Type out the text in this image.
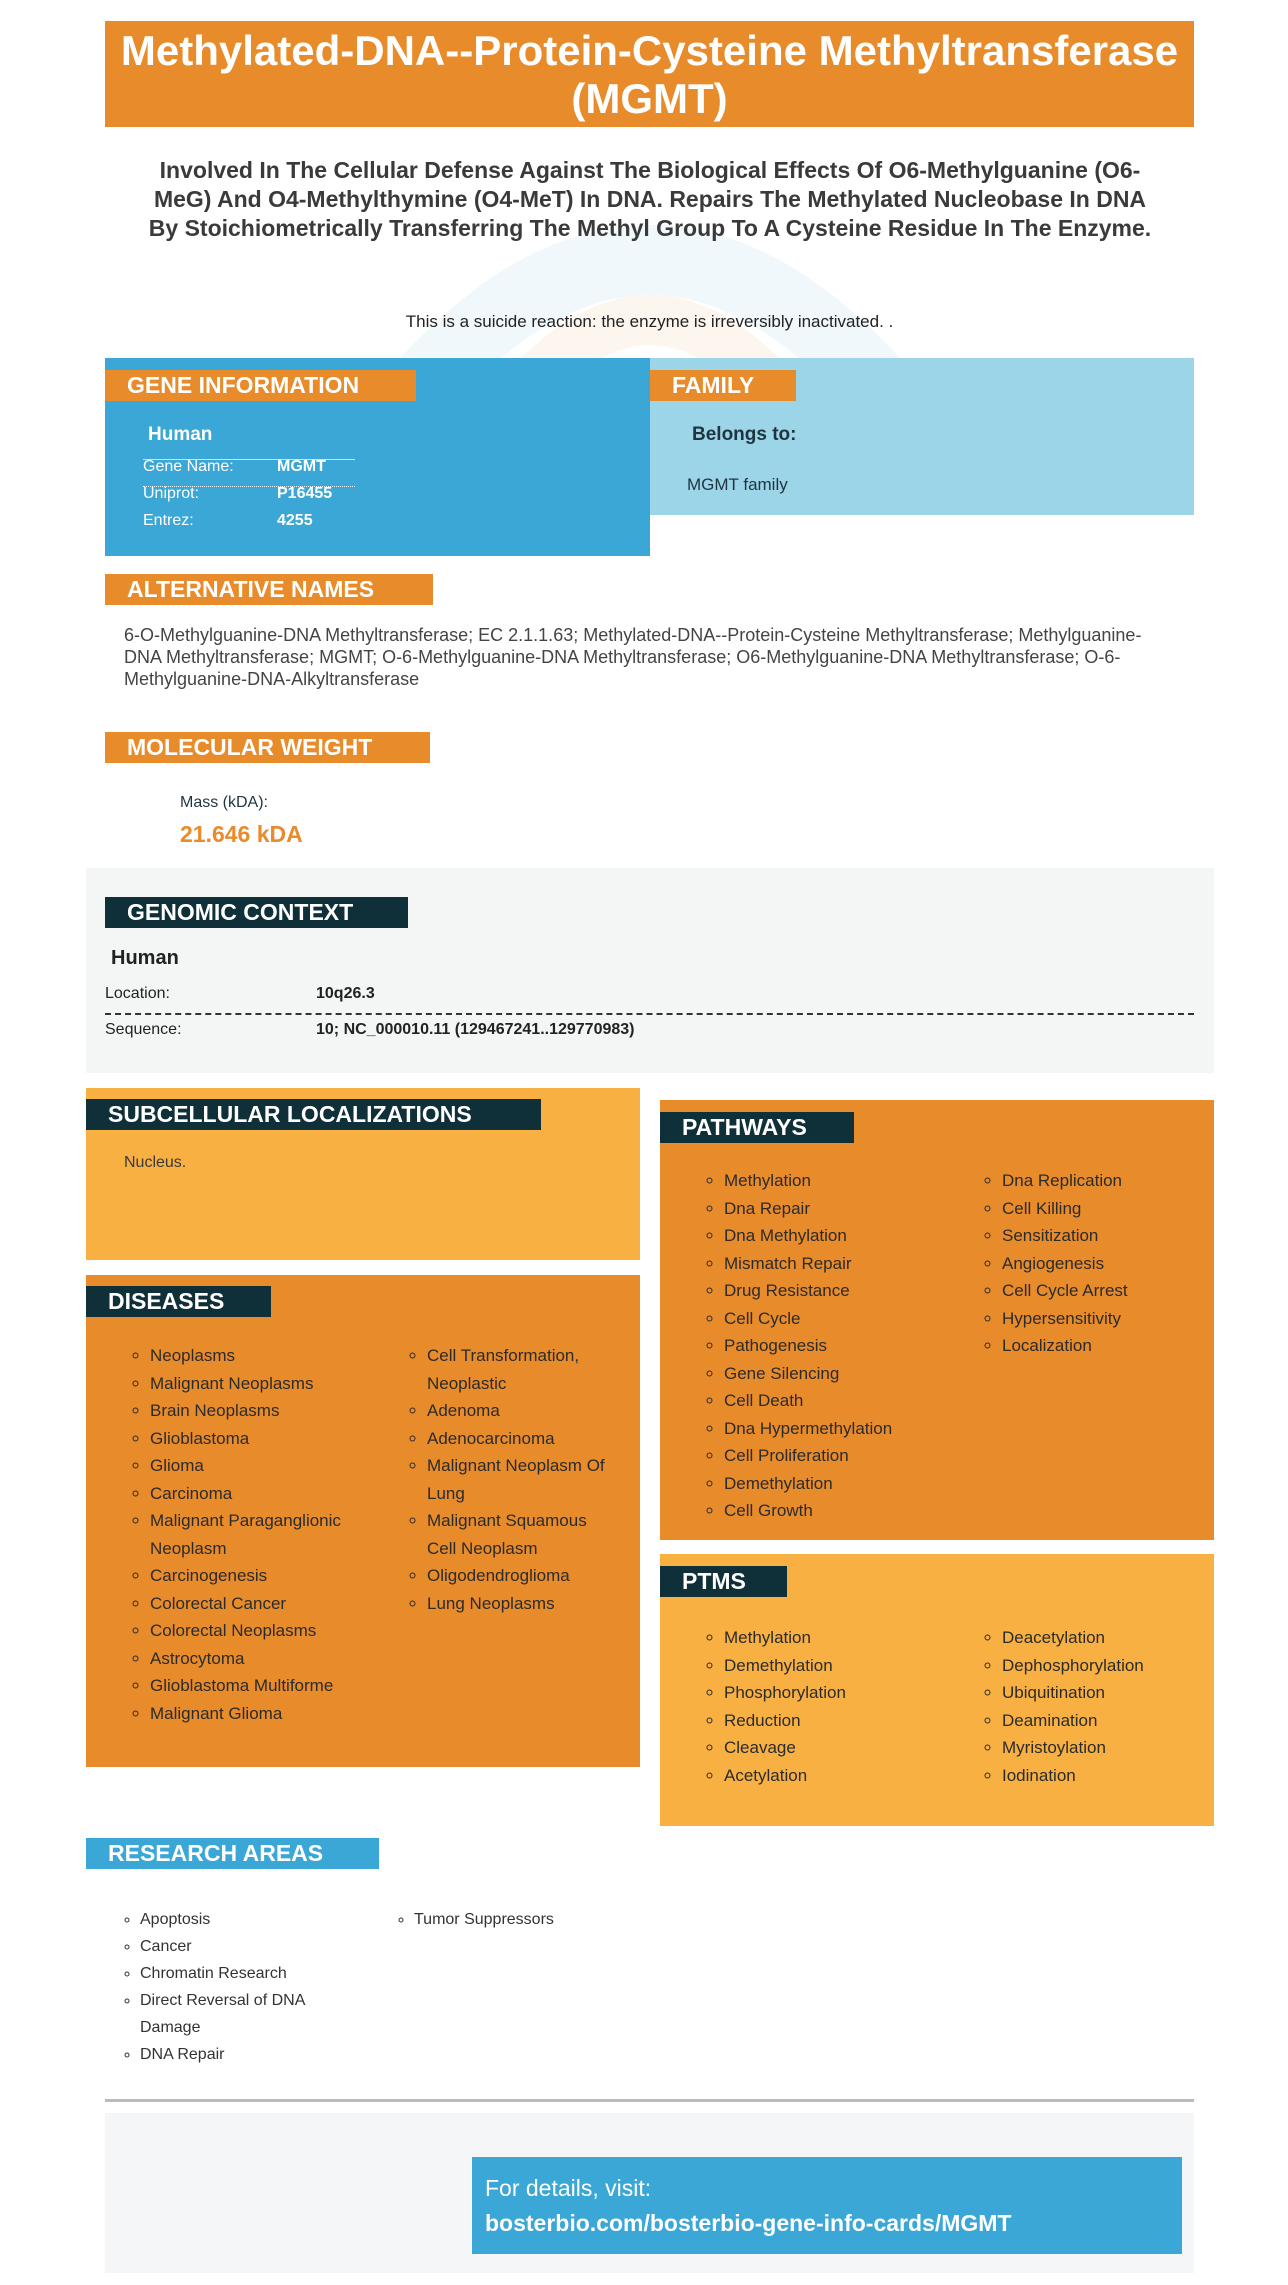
Methylated-DNA--Protein-Cysteine Methyltransferase (MGMT)
Involved In The Cellular Defense Against The Biological Effects Of O6-Methylguanine (O6-MeG) And O4-Methylthymine (O4-MeT) In DNA. Repairs The Methylated Nucleobase In DNA By Stoichiometrically Transferring The Methyl Group To A Cysteine Residue In The Enzyme.
This is a suicide reaction: the enzyme is irreversibly inactivated. .
GENE INFORMATION
Human
Gene Name:	MGMT
Uniprot:	P16455
Entrez:	4255
FAMILY
Belongs to:
MGMT family
ALTERNATIVE NAMES
6-O-Methylguanine-DNA Methyltransferase; EC 2.1.1.63; Methylated-DNA--Protein-Cysteine Methyltransferase; Methylguanine-DNA Methyltransferase; MGMT; O-6-Methylguanine-DNA Methyltransferase; O6-Methylguanine-DNA Methyltransferase; O-6-Methylguanine-DNA-Alkyltransferase
MOLECULAR WEIGHT
Mass (kDA):
21.646 kDA
GENOMIC CONTEXT
Human
Location:	10q26.3
Sequence:	10; NC_000010.11 (129467241..129770983)
SUBCELLULAR LOCALIZATIONS
Nucleus.
DISEASES
◦ Neoplasms
◦ Malignant Neoplasms
◦ Brain Neoplasms
◦ Glioblastoma
◦ Glioma
◦ Carcinoma
◦ Malignant Paraganglionic Neoplasm
◦ Carcinogenesis
◦ Colorectal Cancer
◦ Colorectal Neoplasms
◦ Astrocytoma
◦ Glioblastoma Multiforme
◦ Malignant Glioma
◦ Cell Transformation, Neoplastic
◦ Adenoma
◦ Adenocarcinoma
◦ Malignant Neoplasm Of Lung
◦ Malignant Squamous Cell Neoplasm
◦ Oligodendroglioma
◦ Lung Neoplasms
PATHWAYS
◦ Methylation
◦ Dna Repair
◦ Dna Methylation
◦ Mismatch Repair
◦ Drug Resistance
◦ Cell Cycle
◦ Pathogenesis
◦ Gene Silencing
◦ Cell Death
◦ Dna Hypermethylation
◦ Cell Proliferation
◦ Demethylation
◦ Cell Growth
◦ Dna Replication
◦ Cell Killing
◦ Sensitization
◦ Angiogenesis
◦ Cell Cycle Arrest
◦ Hypersensitivity
◦ Localization
PTMS
◦ Methylation
◦ Demethylation
◦ Phosphorylation
◦ Reduction
◦ Cleavage
◦ Acetylation
◦ Deacetylation
◦ Dephosphorylation
◦ Ubiquitination
◦ Deamination
◦ Myristoylation
◦ Iodination
RESEARCH AREAS
◦ Apoptosis
◦ Cancer
◦ Chromatin Research
◦ Direct Reversal of DNA Damage
◦ DNA Repair
◦ Tumor Suppressors
For details, visit:
bosterbio.com/bosterbio-gene-info-cards/MGMT
